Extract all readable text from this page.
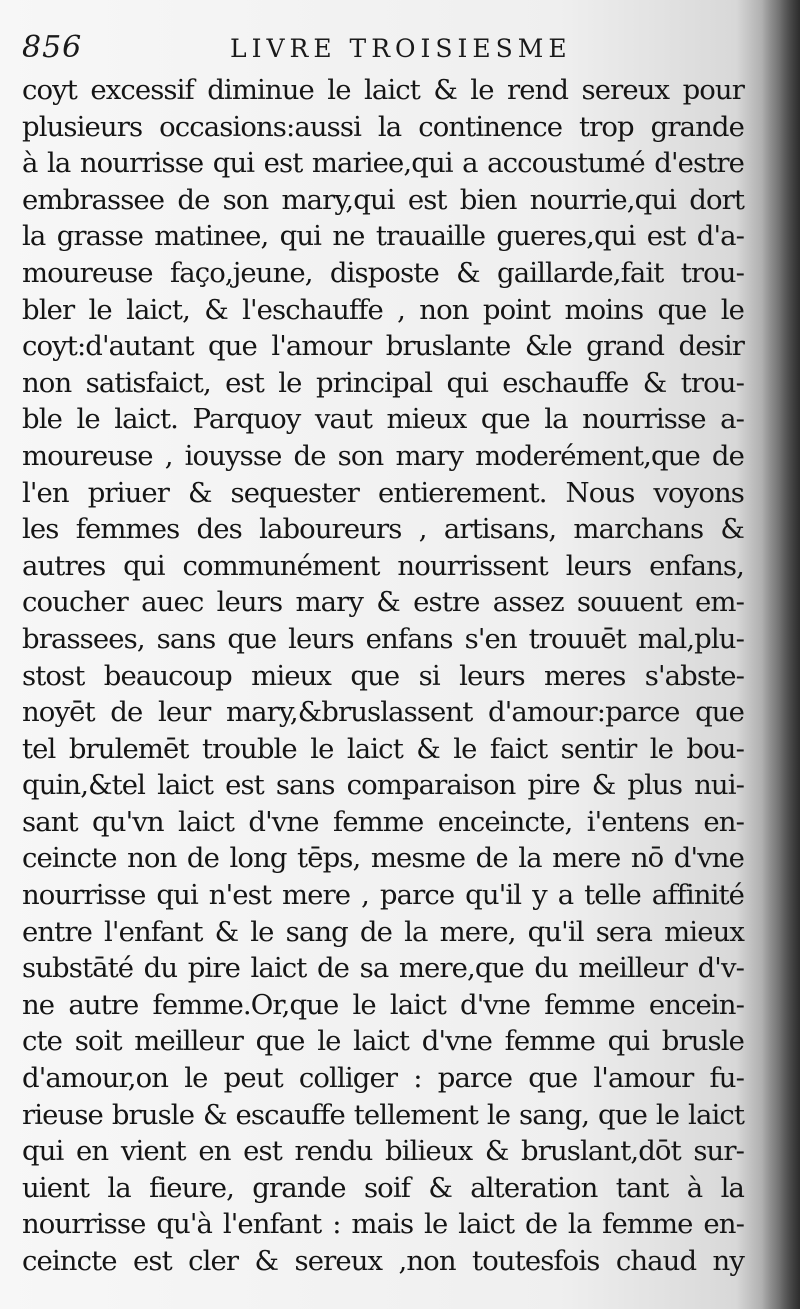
856	LIVRE TROISIESME
coyt excessif diminue le laict & le rend sereux pour
plusieurs occasions:aussi la continence trop grande
à la nourrisse qui est mariee,qui a accoustumé d'estre
embrassee de son mary,qui est bien nourrie,qui dort
la grasse matinee, qui ne trauaille gueres,qui est d'a-
moureuse faço,jeune, disposte & gaillarde,fait trou-
bler le laict, & l'eschauffe , non point moins que le
coyt:d'autant que l'amour bruslante &le grand desir
non satisfaict, est le principal qui eschauffe & trou-
ble le laict. Parquoy vaut mieux que la nourrisse a-
moureuse , iouysse de son mary moderément,que de
l'en priuer & sequester entierement. Nous voyons
les femmes des laboureurs , artisans, marchans &
autres qui communément nourrissent leurs enfans,
coucher auec leurs mary & estre assez souuent em-
brassees, sans que leurs enfans s'en trouuēt mal,plu-
stost beaucoup mieux que si leurs meres s'abste-
noyēt de leur mary,&bruslassent d'amour:parce que
tel brulemēt trouble le laict & le faict sentir le bou-
quin,&tel laict est sans comparaison pire & plus nui-
sant qu'vn laict d'vne femme enceincte, i'entens en-
ceincte non de long tēps, mesme de la mere nō d'vne
nourrisse qui n'est mere , parce qu'il y a telle affinité
entre l'enfant & le sang de la mere, qu'il sera mieux
substāté du pire laict de sa mere,que du meilleur d'v-
ne autre femme.Or,que le laict d'vne femme encein-
cte soit meilleur que le laict d'vne femme qui brusle
d'amour,on le peut colliger : parce que l'amour fu-
rieuse brusle & escauffe tellement le sang, que le laict
qui en vient en est rendu bilieux & bruslant,dōt sur-
uient la fieure, grande soif & alteration tant à la
nourrisse qu'à l'enfant : mais le laict de la femme en-
ceincte est cler & sereux ,non toutesfois chaud ny
